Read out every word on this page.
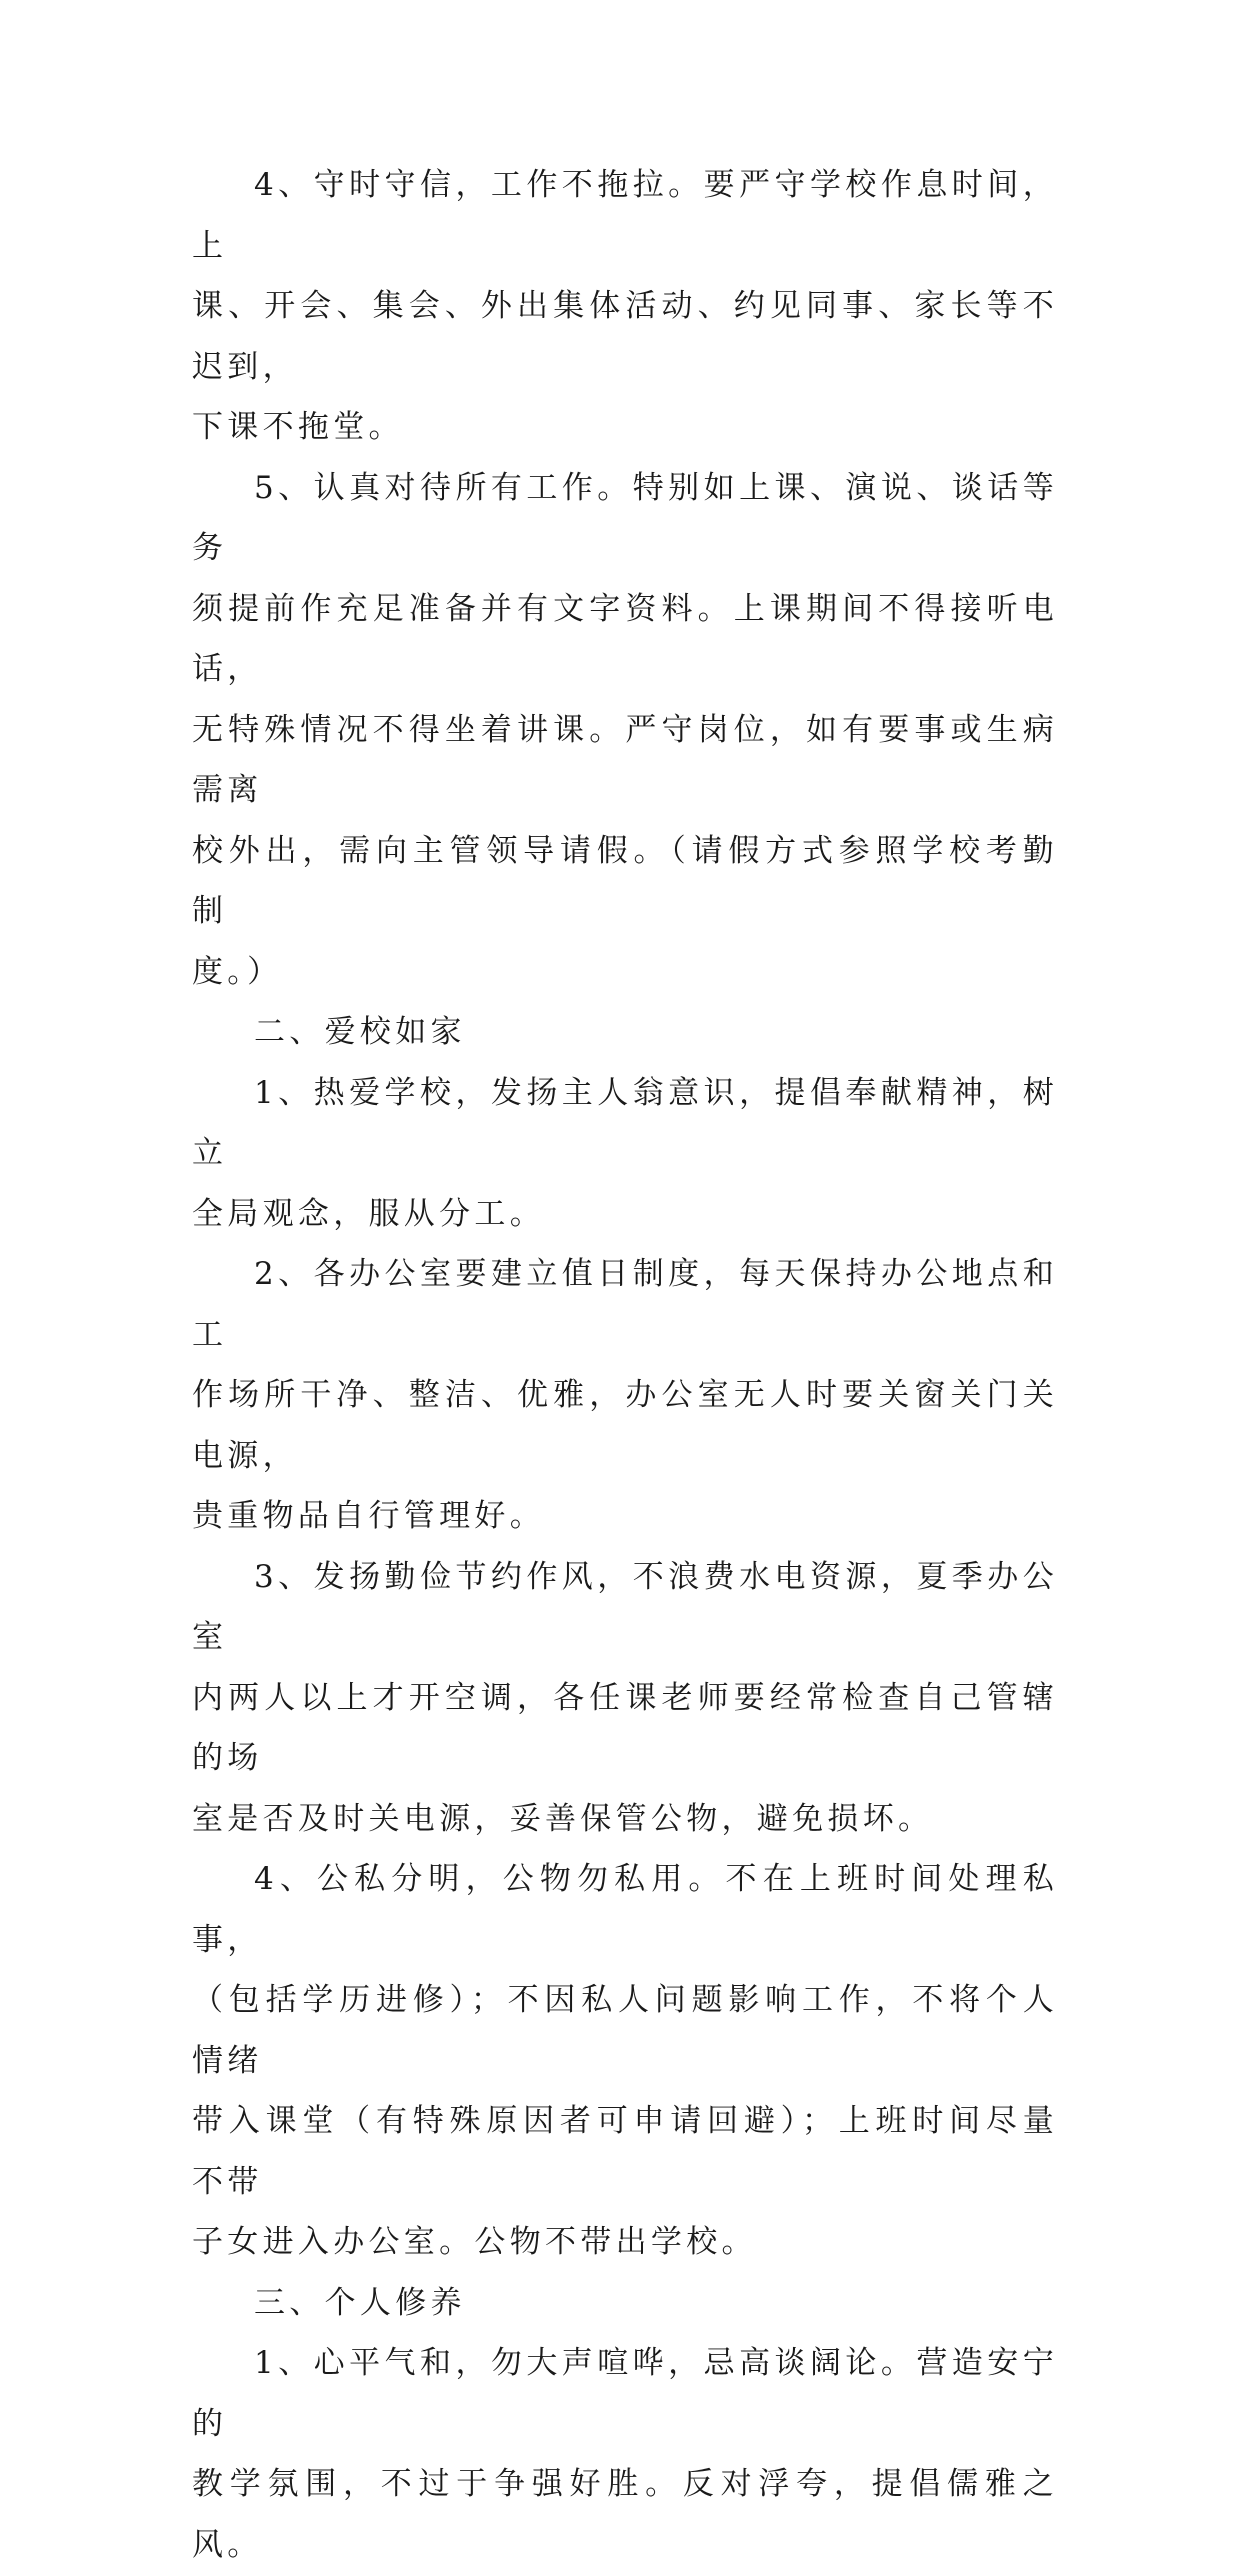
4、守时守信，工作不拖拉。要严守学校作息时间，上
课、开会、集会、外出集体活动、约见同事、家长等不迟到，
下课不拖堂。

5、认真对待所有工作。特别如上课、演说、谈话等务
须提前作充足准备并有文字资料。上课期间不得接听电话，
无特殊情况不得坐着讲课。严守岗位，如有要事或生病需离
校外出，需向主管领导请假。（请假方式参照学校考勤制
度。）

二、爱校如家

1、热爱学校，发扬主人翁意识，提倡奉献精神，树立
全局观念，服从分工。

2、各办公室要建立值日制度，每天保持办公地点和工
作场所干净、整洁、优雅，办公室无人时要关窗关门关电源，
贵重物品自行管理好。

3、发扬勤俭节约作风，不浪费水电资源，夏季办公室
内两人以上才开空调，各任课老师要经常检查自己管辖的场
室是否及时关电源，妥善保管公物，避免损坏。

4、公私分明，公物勿私用。不在上班时间处理私事，
（包括学历进修）；不因私人问题影响工作，不将个人情绪
带入课堂（有特殊原因者可申请回避）；上班时间尽量不带
子女进入办公室。公物不带出学校。

三、个人修养

1、心平气和，勿大声喧哗，忌高谈阔论。营造安宁的
教学氛围，不过于争强好胜。反对浮夸，提倡儒雅之风。
